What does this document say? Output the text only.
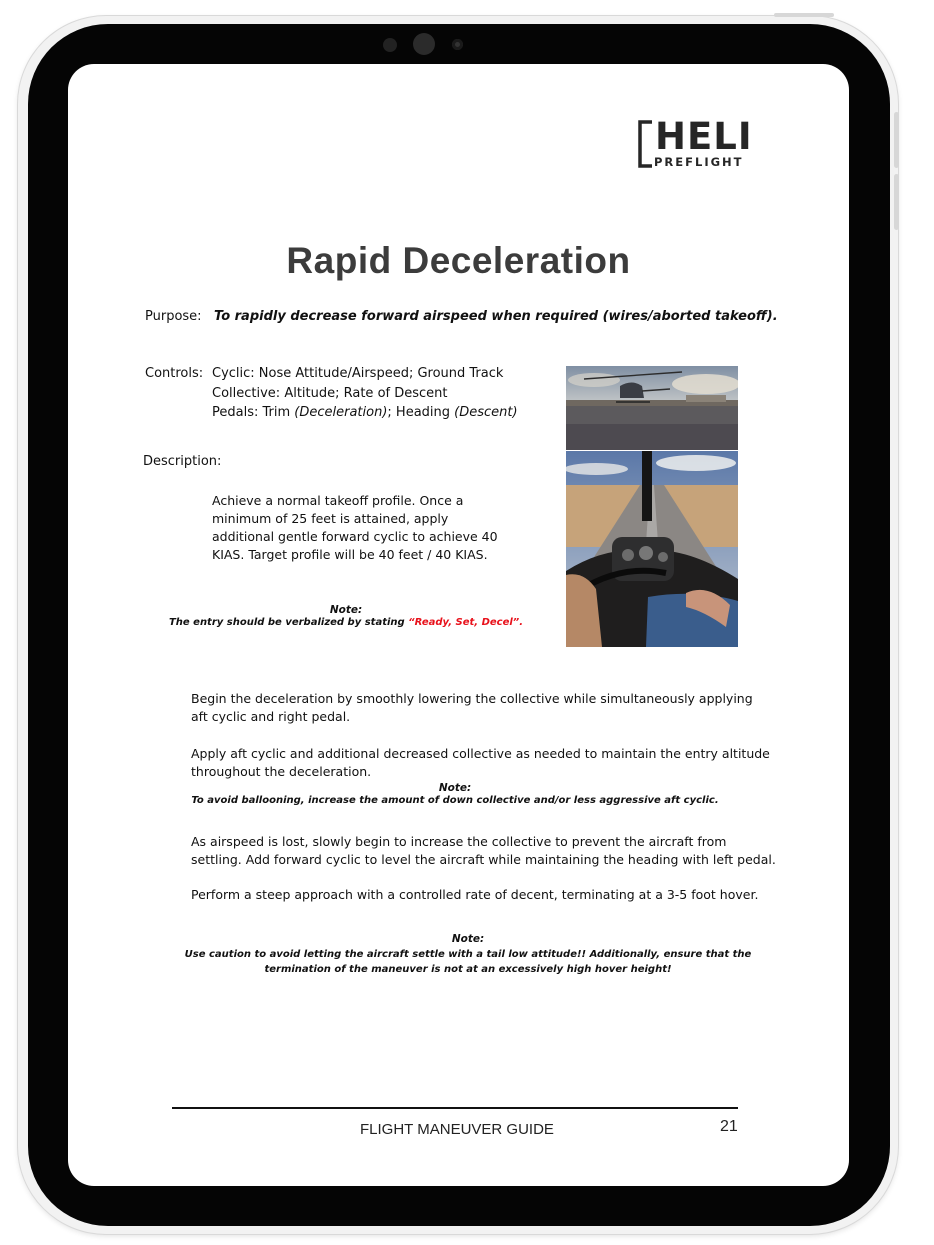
HELI
PREFLIGHT
Rapid Deceleration
Purpose: To rapidly decrease forward airspeed when required (wires/aborted takeoff).
Controls: Cyclic: Nose Attitude/Airspeed; Ground Track
Collective: Altitude; Rate of Descent
Pedals: Trim (Deceleration); Heading (Descent)
Description:
Achieve a normal takeoff profile. Once a minimum of 25 feet is attained, apply additional gentle forward cyclic to achieve 40 KIAS. Target profile will be 40 feet / 40 KIAS.
Note:
The entry should be verbalized by stating “Ready, Set, Decel”.
Begin the deceleration by smoothly lowering the collective while simultaneously applying aft cyclic and right pedal.
Apply aft cyclic and additional decreased collective as needed to maintain the entry altitude throughout the deceleration.
Note:
To avoid ballooning, increase the amount of down collective and/or less aggressive aft cyclic.
As airspeed is lost, slowly begin to increase the collective to prevent the aircraft from settling. Add forward cyclic to level the aircraft while maintaining the heading with left pedal.
Perform a steep approach with a controlled rate of decent, terminating at a 3-5 foot hover.
Note:
Use caution to avoid letting the aircraft settle with a tail low attitude!! Additionally, ensure that the termination of the maneuver is not at an excessively high hover height!
FLIGHT MANEUVER GUIDE	21
